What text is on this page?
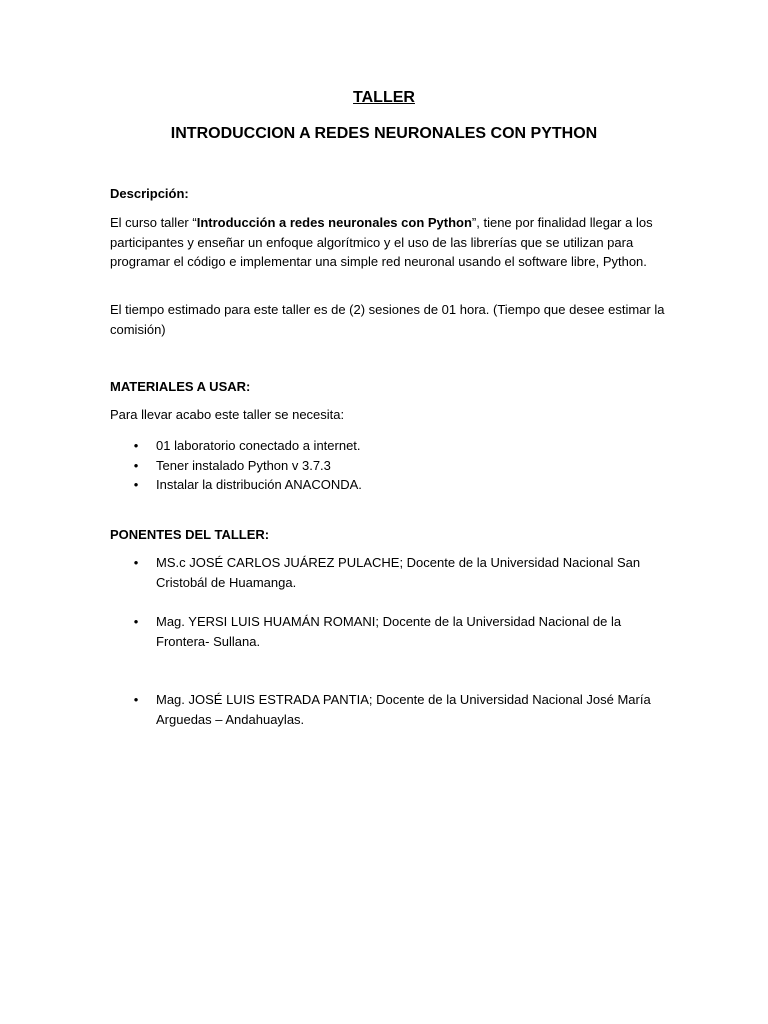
TALLER
INTRODUCCION A REDES NEURONALES CON PYTHON

Descripción:

El curso taller “Introducción a redes neuronales con Python”, tiene por finalidad llegar a los participantes y enseñar un enfoque algorítmico y el uso de las librerías que se utilizan para programar el código e implementar una simple red neuronal usando el software libre, Python.

El tiempo estimado para este taller es de (2) sesiones de 01 hora. (Tiempo que desee estimar la comisión)

MATERIALES A USAR:

Para llevar acabo este taller se necesita:

• 01 laboratorio conectado a internet.
• Tener instalado Python v 3.7.3
• Instalar la distribución ANACONDA.

PONENTES DEL TALLER:

• MS.c JOSÉ CARLOS JUÁREZ PULACHE; Docente de la Universidad Nacional San Cristobál de Huamanga.
• Mag. YERSI LUIS HUAMÁN ROMANI; Docente de la Universidad Nacional de la Frontera- Sullana.
• Mag. JOSÉ LUIS ESTRADA PANTIA; Docente de la Universidad Nacional José María Arguedas – Andahuaylas.
